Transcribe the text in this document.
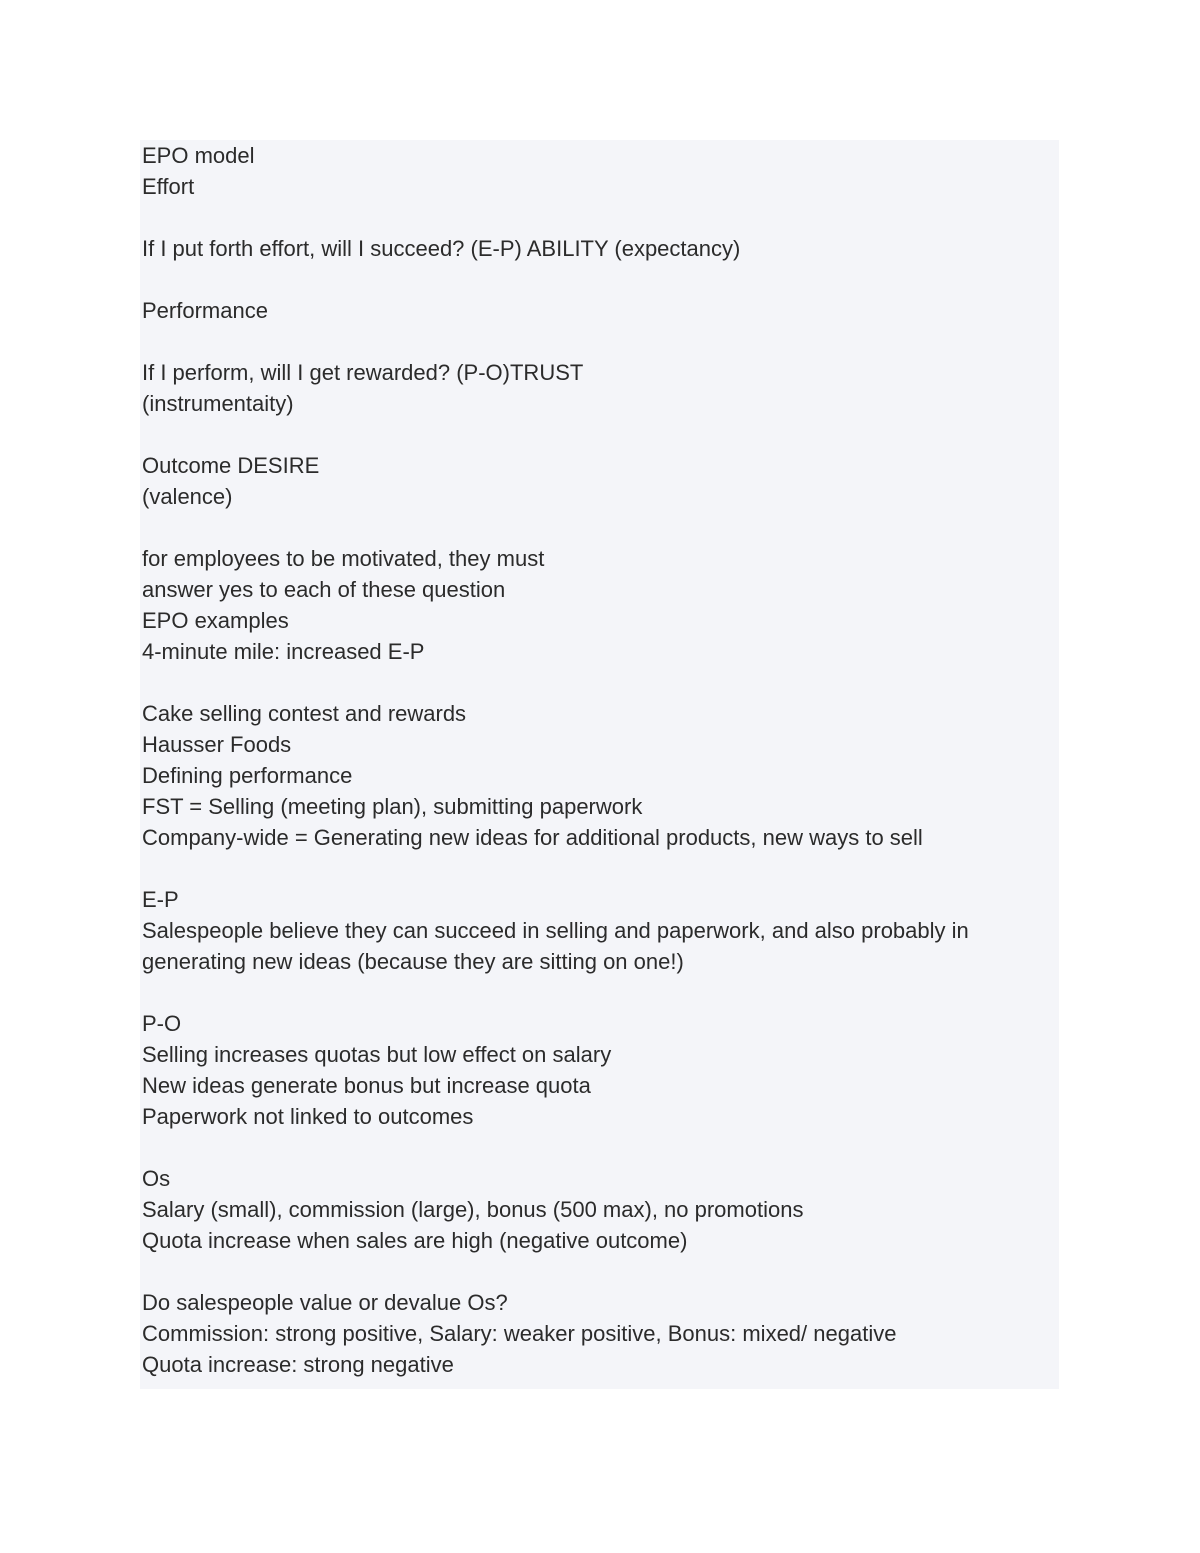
EPO model
Effort
If I put forth effort, will I succeed? (E-P) ABILITY (expectancy)
Performance
If I perform, will I get rewarded? (P-O)TRUST
(instrumentaity)
Outcome DESIRE
(valence)
for employees to be motivated, they must
answer yes to each of these question
EPO examples
4-minute mile: increased E-P
Cake selling contest and rewards
Hausser Foods
Defining performance
FST = Selling (meeting plan), submitting paperwork
Company-wide = Generating new ideas for additional products, new ways to sell
E-P
Salespeople believe they can succeed in selling and paperwork, and also probably in
generating new ideas (because they are sitting on one!)
P-O
Selling increases quotas but low effect on salary
New ideas generate bonus but increase quota
Paperwork not linked to outcomes
Os
Salary (small), commission (large), bonus (500 max), no promotions
Quota increase when sales are high (negative outcome)
Do salespeople value or devalue Os?
Commission: strong positive, Salary: weaker positive, Bonus: mixed/ negative
Quota increase: strong negative
